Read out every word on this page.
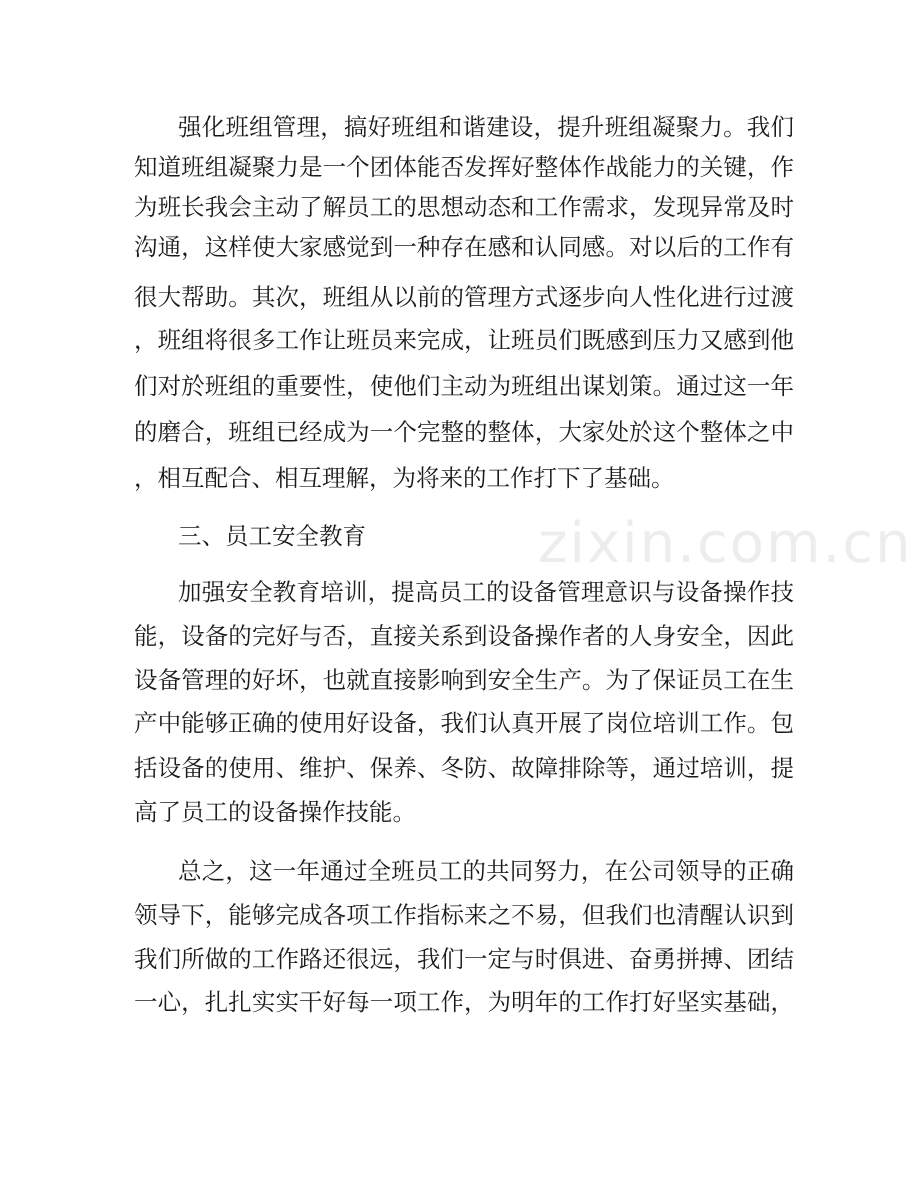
强化班组管理，搞好班组和谐建设，提升班组凝聚力。我们
知道班组凝聚力是一个团体能否发挥好整体作战能力的关键，作
为班长我会主动了解员工的思想动态和工作需求，发现异常及时
沟通，这样使大家感觉到一种存在感和认同感。对以后的工作有
很大帮助。其次，班组从以前的管理方式逐步向人性化进行过渡
，班组将很多工作让班员来完成，让班员们既感到压力又感到他
们对於班组的重要性，使他们主动为班组出谋划策。通过这一年
的磨合，班组已经成为一个完整的整体，大家处於这个整体之中
，相互配合、相互理解，为将来的工作打下了基础。
三、员工安全教育	zixin.com.cn
加强安全教育培训，提高员工的设备管理意识与设备操作技
能，设备的完好与否，直接关系到设备操作者的人身安全，因此
设备管理的好坏，也就直接影响到安全生产。为了保证员工在生
产中能够正确的使用好设备，我们认真开展了岗位培训工作。包
括设备的使用、维护、保养、冬防、故障排除等，通过培训，提
高了员工的设备操作技能。
总之，这一年通过全班员工的共同努力，在公司领导的正确
领导下，能够完成各项工作指标来之不易，但我们也清醒认识到
我们所做的工作路还很远，我们一定与时俱进、奋勇拼搏、团结
一心，扎扎实实干好每一项工作，为明年的工作打好坚实基础，
